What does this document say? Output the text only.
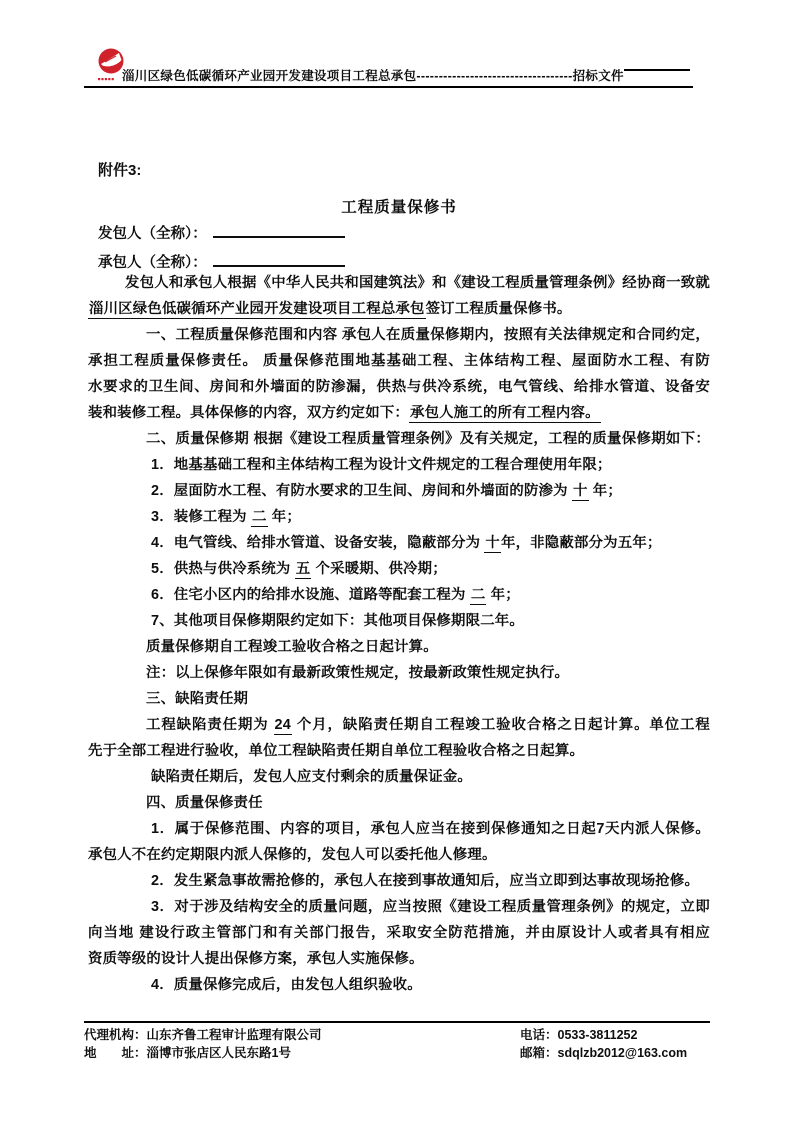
淄川区绿色低碳循环产业园开发建设项目工程总承包-----------------------------------招标文件
附件3:
工程质量保修书
发包人（全称）：
承包人（全称）：
发包人和承包人根据《中华人民共和国建筑法》和《建设工程质量管理条例》经协商一致就
淄川区绿色低碳循环产业园开发建设项目工程总承包签订工程质量保修书。
一、工程质量保修范围和内容 承包人在质量保修期内，按照有关法律规定和合同约定，
承担工程质量保修责任。 质量保修范围地基基础工程、主体结构工程、屋面防水工程、有防
水要求的卫生间、房间和外墙面的防渗漏，供热与供冷系统，电气管线、给排水管道、设备安
装和装修工程。具体保修的内容，双方约定如下：承包人施工的所有工程内容。
二、质量保修期 根据《建设工程质量管理条例》及有关规定，工程的质量保修期如下：
1．地基基础工程和主体结构工程为设计文件规定的工程合理使用年限；
2．屋面防水工程、有防水要求的卫生间、房间和外墙面的防渗为 十 年；
3．装修工程为 二 年；
4．电气管线、给排水管道、设备安装，隐蔽部分为 十年，非隐蔽部分为五年；
5．供热与供冷系统为 五 个采暖期、供冷期；
6．住宅小区内的给排水设施、道路等配套工程为 二 年；
7、其他项目保修期限约定如下：其他项目保修期限二年。
质量保修期自工程竣工验收合格之日起计算。
注：以上保修年限如有最新政策性规定，按最新政策性规定执行。
三、缺陷责任期
工程缺陷责任期为 24 个月，缺陷责任期自工程竣工验收合格之日起计算。单位工程
先于全部工程进行验收，单位工程缺陷责任期自单位工程验收合格之日起算。
缺陷责任期后，发包人应支付剩余的质量保证金。
四、质量保修责任
1．属于保修范围、内容的项目，承包人应当在接到保修通知之日起7天内派人保修。
承包人不在约定期限内派人保修的，发包人可以委托他人修理。
2．发生紧急事故需抢修的，承包人在接到事故通知后，应当立即到达事故现场抢修。
3．对于涉及结构安全的质量问题，应当按照《建设工程质量管理条例》的规定，立即
向当地 建设行政主管部门和有关部门报告，采取安全防范措施，并由原设计人或者具有相应
资质等级的设计人提出保修方案，承包人实施保修。
4．质量保修完成后，由发包人组织验收。
代理机构：山东齐鲁工程审计监理有限公司	电话：0533-3811252
地　　址：淄博市张店区人民东路1号	邮箱：sdqlzb2012@163.com
